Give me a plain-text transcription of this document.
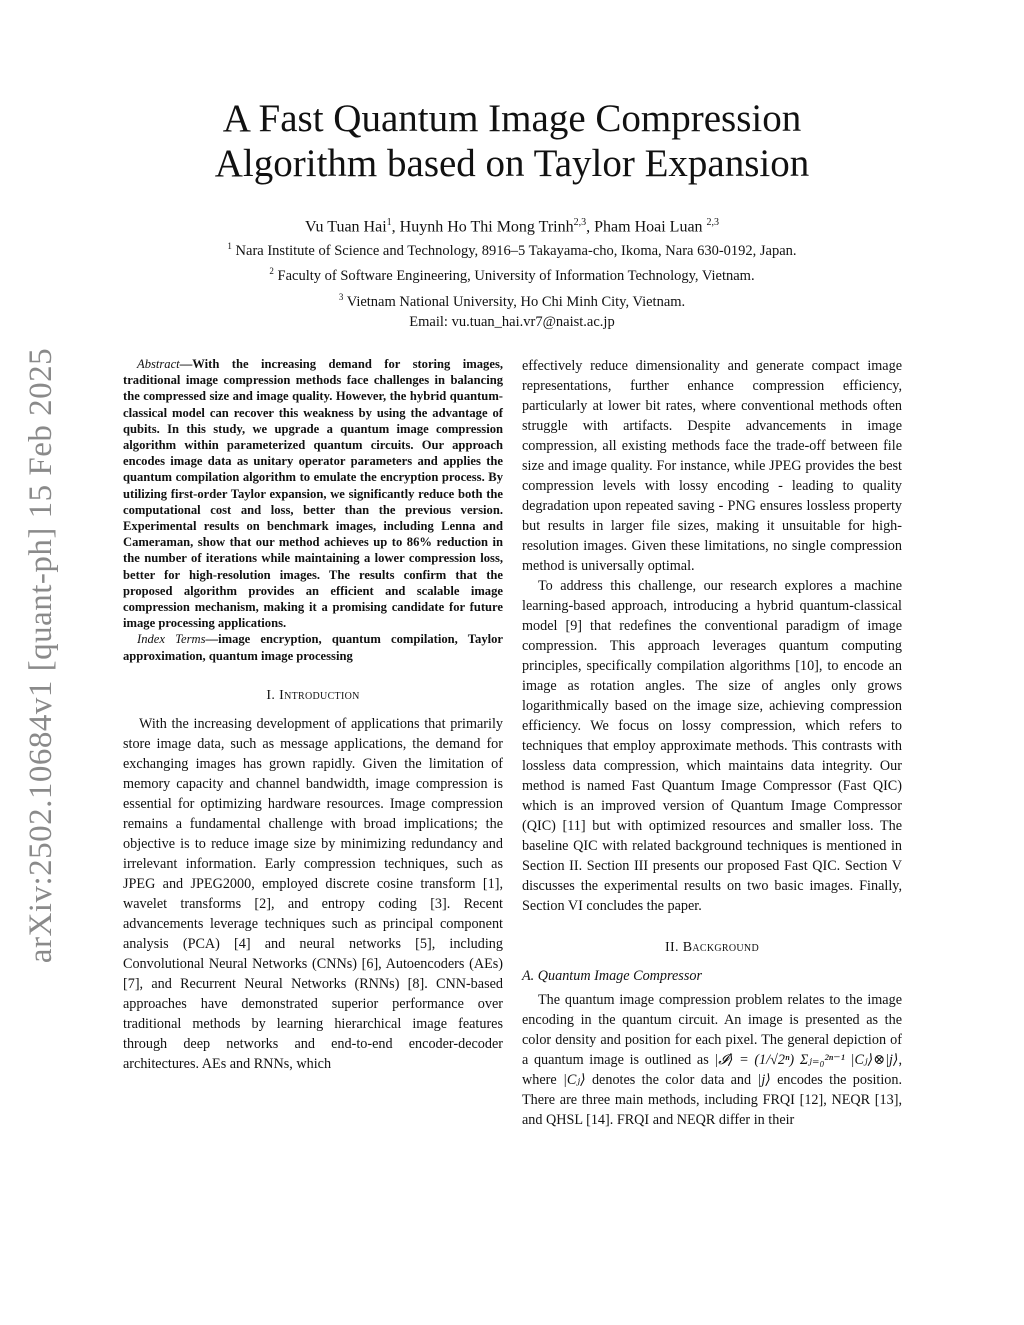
arXiv:2502.10684v1 [quant-ph] 15 Feb 2025
A Fast Quantum Image Compression
Algorithm based on Taylor Expansion
Vu Tuan Hai$^1$, Huynh Ho Thi Mong Trinh$^{2,3}$, Pham Hoai Luan $^{2,3}$
$^1$ Nara Institute of Science and Technology, 8916–5 Takayama-cho, Ikoma, Nara 630-0192, Japan.
$^2$ Faculty of Software Engineering, University of Information Technology, Vietnam.
$^3$ Vietnam National University, Ho Chi Minh City, Vietnam.
Email: vu.tuan_hai.vr7@naist.ac.jp

Abstract—With the increasing demand for storing images, traditional image compression methods face challenges in balancing the compressed size and image quality. However, the hybrid quantum-classical model can recover this weakness by using the advantage of qubits. In this study, we upgrade a quantum image compression algorithm within parameterized quantum circuits. Our approach encodes image data as unitary operator parameters and applies the quantum compilation algorithm to emulate the encryption process. By utilizing first-order Taylor expansion, we significantly reduce both the computational cost and loss, better than the previous version. Experimental results on benchmark images, including Lenna and Cameraman, show that our method achieves up to 86% reduction in the number of iterations while maintaining a lower compression loss, better for high-resolution images. The results confirm that the proposed algorithm provides an efficient and scalable image compression mechanism, making it a promising candidate for future image processing applications.

Index Terms—image encryption, quantum compilation, Taylor approximation, quantum image processing

I. Introduction

With the increasing development of applications that primarily store image data, such as message applications, the demand for exchanging images has grown rapidly. Given the limitation of memory capacity and channel bandwidth, image compression is essential for optimizing hardware resources. Image compression remains a fundamental challenge with broad implications; the objective is to reduce image size by minimizing redundancy and irrelevant information. Early compression techniques, such as JPEG and JPEG2000, employed discrete cosine transform [1], wavelet transforms [2], and entropy coding [3]. Recent advancements leverage techniques such as principal component analysis (PCA) [4] and neural networks [5], including Convolutional Neural Networks (CNNs) [6], Autoencoders (AEs) [7], and Recurrent Neural Networks (RNNs) [8]. CNN-based approaches have demonstrated superior performance over traditional methods by learning hierarchical image features through deep networks and end-to-end encoder-decoder architectures. AEs and RNNs, which

effectively reduce dimensionality and generate compact image representations, further enhance compression efficiency, particularly at lower bit rates, where conventional methods often struggle with artifacts. Despite advancements in image compression, all existing methods face the trade-off between file size and image quality. For instance, while JPEG provides the best compression levels with lossy encoding - leading to quality degradation upon repeated saving - PNG ensures lossless property but results in larger file sizes, making it unsuitable for high-resolution images. Given these limitations, no single compression method is universally optimal.

To address this challenge, our research explores a machine learning-based approach, introducing a hybrid quantum-classical model [9] that redefines the conventional paradigm of image compression. This approach leverages quantum computing principles, specifically compilation algorithms [10], to encode an image as rotation angles. The size of angles only grows logarithmically based on the image size, achieving compression efficiency. We focus on lossy compression, which refers to techniques that employ approximate methods. This contrasts with lossless data compression, which maintains data integrity. Our method is named Fast Quantum Image Compressor (Fast QIC) which is an improved version of Quantum Image Compressor (QIC) [11] but with optimized resources and smaller loss. The baseline QIC with related background techniques is mentioned in Section II. Section III presents our proposed Fast QIC. Section V discusses the experimental results on two basic images. Finally, Section VI concludes the paper.

II. Background
A. Quantum Image Compressor

The quantum image compression problem relates to the image encoding in the quantum circuit. An image is presented as the color density and position for each pixel. The general depiction of a quantum image is outlined as |𝓘⟩ = (1/√2ⁿ) Σⱼ₌₀²ⁿ⁻¹ |Cⱼ⟩⊗|j⟩, where |Cⱼ⟩ denotes the color data and |j⟩ encodes the position. There are three main methods, including FRQI [12], NEQR [13], and QHSL [14]. FRQI and NEQR differ in their
